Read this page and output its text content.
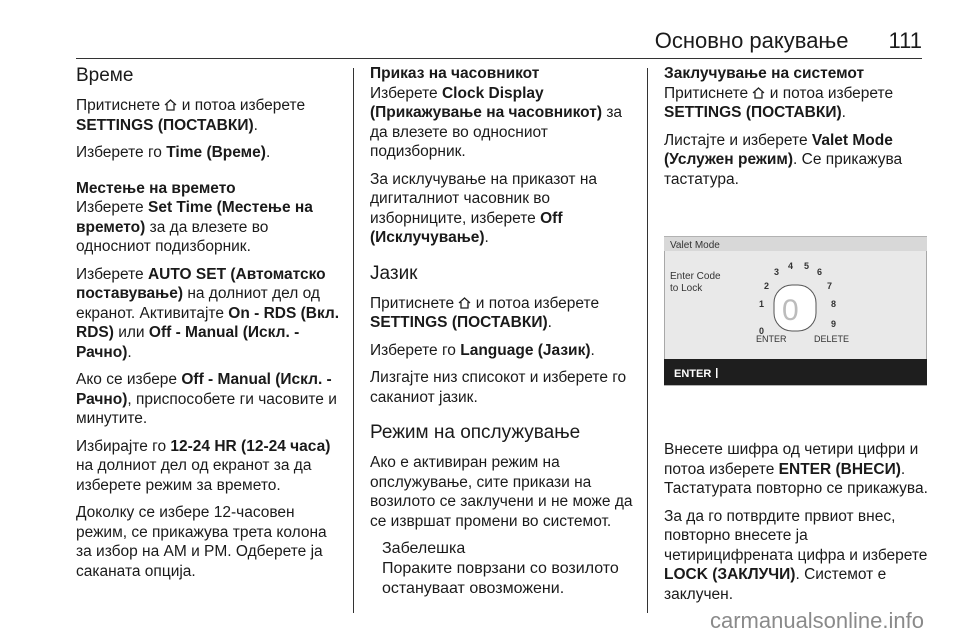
Основно ракување 111
Време

Притиснете и потоа изберете SETTINGS (ПОСТАВКИ).

Изберете го Time (Време).

Местење на времето

Изберете Set Time (Местење на времето) за да влезете во односниот подизборник.

Изберете AUTO SET (Автоматско поставување) на долниот дел од екранот. Активитајте On - RDS (Вкл. RDS) или Off - Manual (Искл. - Рачно).

Ако се избере Off - Manual (Искл. - Рачно), приспособете ги часовите и минутите.

Избирајте го 12-24 HR (12-24 часа) на долниот дел од екранот за да изберете режим за времето.

Доколку се избере 12-часовен режим, се прикажува трета колона за избор на AM и PM. Одберете ја саканата опција.

Приказ на часовникот

Изберете Clock Display (Прикажување на часовникот) за да влезете во односниот подизборник.

За исклучување на приказот на дигиталниот часовник во изборниците, изберете Off (Исклучување).

Јазик

Притиснете и потоа изберете SETTINGS (ПОСТАВКИ).

Изберете го Language (Јазик).

Лизгајте низ списокот и изберете го саканиот јазик.

Режим на опслужување

Ако е активиран режим на опслужување, сите прикази на возилото се заклучени и не може да се извршат промени во системот.

Забелешка
Пораките поврзани со возилото остануваат овозможени.
Заклучување на системот

Притиснете и потоа изберете SETTINGS (ПОСТАВКИ).

Листајте и изберете Valet Mode (Услужен режим). Се прикажува тастатура.

Valet Mode
Enter Code
to Lock
0
1
2
3
4 5
6
7
8
9
0
ENTER	DELETE
ENTER

Внесете шифра од четири цифри и потоа изберете ENTER (ВНЕСИ). Тастатурата повторно се прикажува.

За да го потврдите првиот внес, повторно внесете ја четирицифрената цифра и изберете LOCK (ЗАКЛУЧИ). Системот е заклучен.

carmanualsonline.info
